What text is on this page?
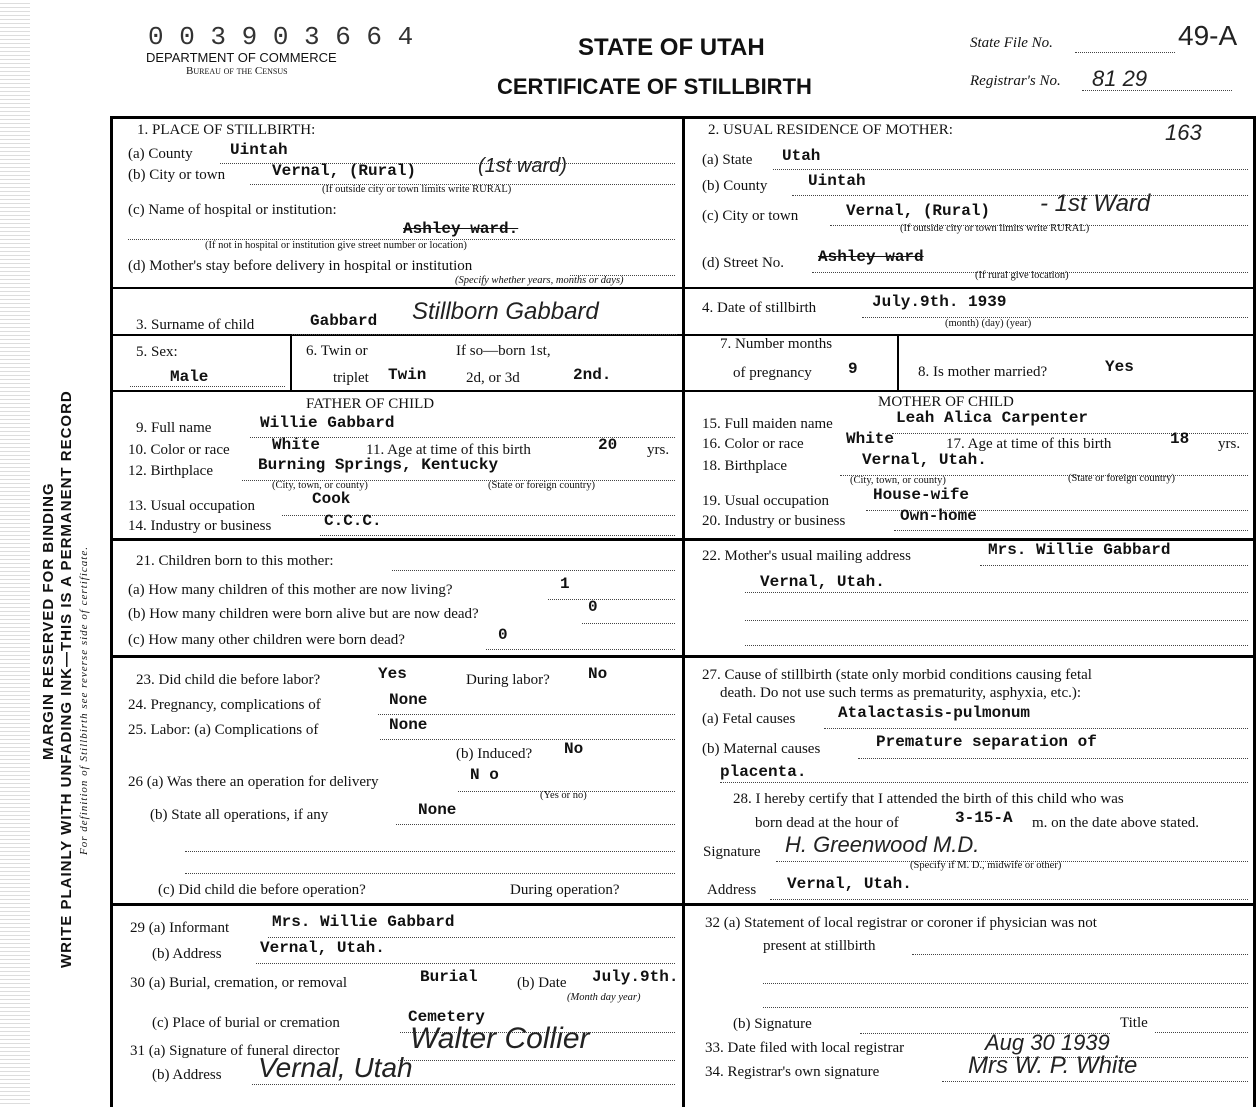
MARGIN RESERVED FOR BINDING WRITE PLAINLY WITH UNFADING INK—THIS IS A PERMANENT RECORD For definition of Stillbirth see reverse side of certificate.
0 0 3 9 0 3 6 6 4
DEPARTMENT OF COMMERCE
Bureau of the Census
STATE OF UTAH
CERTIFICATE OF STILLBIRTH
State File No.	49-A
Registrar's No. 81 29
163
1. PLACE OF STILLBIRTH:
(a) County Uintah
(b) City or town	Vernal, (Rural)	(1st ward)
(If outside city or town limits write RURAL)
(c) Name of hospital or institution:
Ashley ward.
(If not in hospital or institution give street number or location)
(d) Mother's stay before delivery in hospital or institution
(Specify whether years, months or days)
2. USUAL RESIDENCE OF MOTHER:
(a) State Utah
(b) County	Uintah
(c) City or town	Vernal, (Rural) - 1st Ward
(If outside city or town limits write RURAL)
(d) Street No. Ashley ward
(If rural give location)
3. Surname of child	Gabbard Stillborn Gabbard	4. Date of stillbirth	July.9th. 1939
(month) (day) (year)
5. Sex:
Male
6. Twin or	If so—born 1st,
triplet Twin	2d, or 3d	2nd.
7. Number months
of pregnancy 9	8. Is mother married?	Yes
FATHER OF CHILD
9. Full name	Willie Gabbard
10. Color or race	White	11. Age at time of this birth	20 yrs.
12. Birthplace	Burning Springs, Kentucky
(City, town, or county)	(State or foreign country)
13. Usual occupation	Cook
14. Industry or business	C.C.C.
MOTHER OF CHILD
15. Full maiden name	Leah Alica Carpenter
16. Color or race	White	17. Age at time of this birth	18 yrs.
18. Birthplace	Vernal, Utah.
(City, town, or county)	(State or foreign country)
19. Usual occupation	House-wife
20. Industry or business	Own-home
21. Children born to this mother:
(a) How many children of this mother are now living?	1
(b) How many children were born alive but are now dead?	0
(c) How many other children were born dead?	0
22. Mother's usual mailing address	Mrs. Willie Gabbard
Vernal, Utah.
23. Did child die before labor?	Yes	During labor? No
24. Pregnancy, complications of	None
25. Labor: (a) Complications of	None
(b) Induced? No
26 (a) Was there an operation for delivery	N o
(Yes or no)
(b) State all operations, if any	None
(c) Did child die before operation?	During operation?
27. Cause of stillbirth (state only morbid conditions causing fetal
death. Do not use such terms as prematurity, asphyxia, etc.):
(a) Fetal causes	Atalactasis-pulmonum
(b) Maternal causes	Premature separation of
placenta.
28. I hereby certify that I attended the birth of this child who was
born dead at the hour of	3-15-A m. on the date above stated.
Signature H. Greenwood M.D.
(Specify if M. D., midwife or other)
Address Vernal, Utah.
29 (a) Informant	Mrs. Willie Gabbard
(b) Address Vernal, Utah.
30 (a) Burial, cremation, or removal	Burial	(b) Date July.9th.
(Month day year)
(c) Place of burial or cremation	Cemetery
31 (a) Signature of funeral director Walter Collier
(b) Address Vernal, Utah
32 (a) Statement of local registrar or coroner if physician was not
present at stillbirth
(b) Signature	Title
33. Date filed with local registrar	Aug 30 1939
34. Registrar's own signature	Mrs W. P. White
